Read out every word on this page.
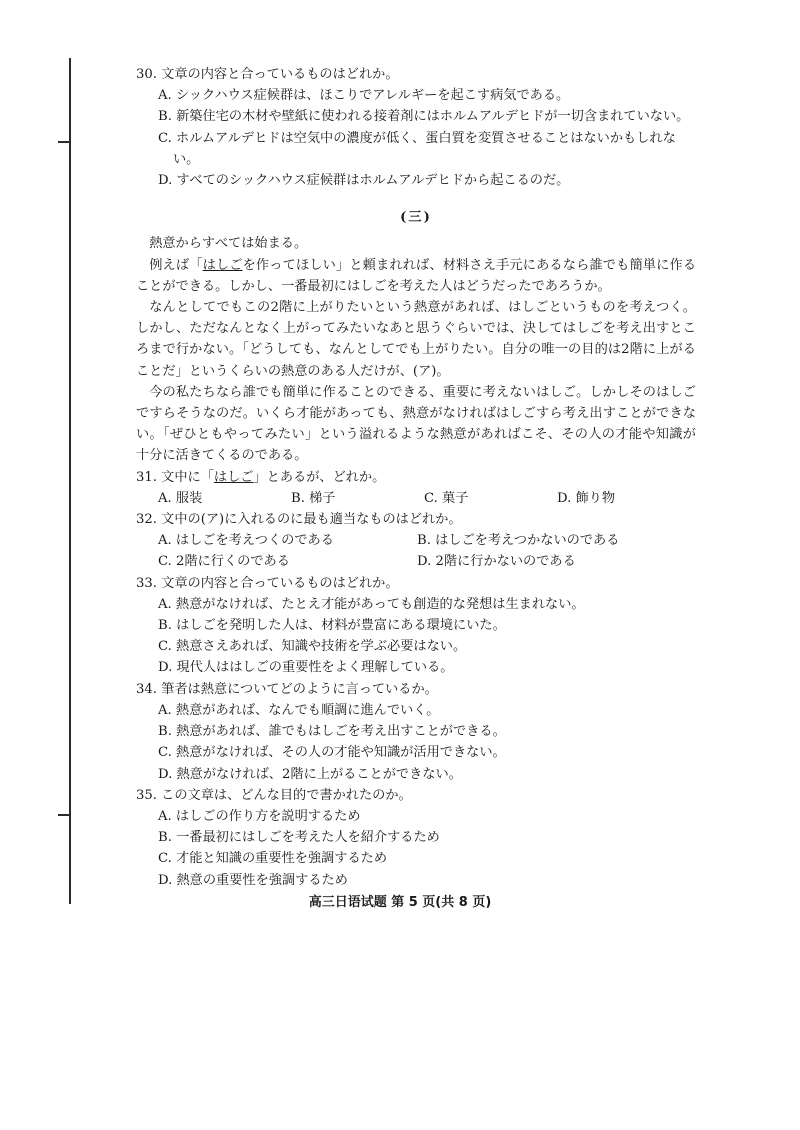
30. 文章の内容と合っているものはどれか。

A. シックハウス症候群は、ほこりでアレルギーを起こす病気である。

B. 新築住宅の木材や壁紙に使われる接着剤にはホルムアルデヒドが一切含まれていない。

C. ホルムアルデヒドは空気中の濃度が低く、蛋白質を変質させることはないかもしれない。

D. すべてのシックハウス症候群はホルムアルデヒドから起こるのだ。

(三)

熱意からすべては始まる。

例えば「はしごを作ってほしい」と頼まれれば、材料さえ手元にあるなら誰でも簡単に作ることができる。しかし、一番最初にはしごを考えた人はどうだったであろうか。

なんとしてでもこの2階に上がりたいという熱意があれば、はしごというものを考えつく。しかし、ただなんとなく上がってみたいなあと思うぐらいでは、決してはしごを考え出すところまで行かない。「どうしても、なんとしてでも上がりたい。自分の唯一の目的は2階に上がることだ」というくらいの熱意のある人だけが、(ア)。

今の私たちなら誰でも簡単に作ることのできる、重要に考えないはしご。しかしそのはしごですらそうなのだ。いくら才能があっても、熱意がなければはしごすら考え出すことができない。「ぜひともやってみたい」という溢れるような熱意があればこそ、その人の才能や知識が十分に活きてくるのである。

31. 文中に「はしご」とあるが、どれか。

A. 服装	B. 梯子	C. 菓子	D. 飾り物

32. 文中の(ア)に入れるのに最も適当なものはどれか。

A. はしごを考えつくのである	B. はしごを考えつかないのである
C. 2階に行くのである	D. 2階に行かないのである

33. 文章の内容と合っているものはどれか。

A. 熱意がなければ、たとえ才能があっても創造的な発想は生まれない。

B. はしごを発明した人は、材料が豊富にある環境にいた。

C. 熱意さえあれば、知識や技術を学ぶ必要はない。

D. 現代人ははしごの重要性をよく理解している。

34. 筆者は熱意についてどのように言っているか。

A. 熱意があれば、なんでも順調に進んでいく。

B. 熱意があれば、誰でもはしごを考え出すことができる。

C. 熱意がなければ、その人の才能や知識が活用できない。

D. 熱意がなければ、2階に上がることができない。

35. この文章は、どんな目的で書かれたのか。

A. はしごの作り方を説明するため

B. 一番最初にはしごを考えた人を紹介するため

C. 才能と知識の重要性を強調するため

D. 熱意の重要性を強調するため

高三日语试题 第 5 页(共 8 页)
